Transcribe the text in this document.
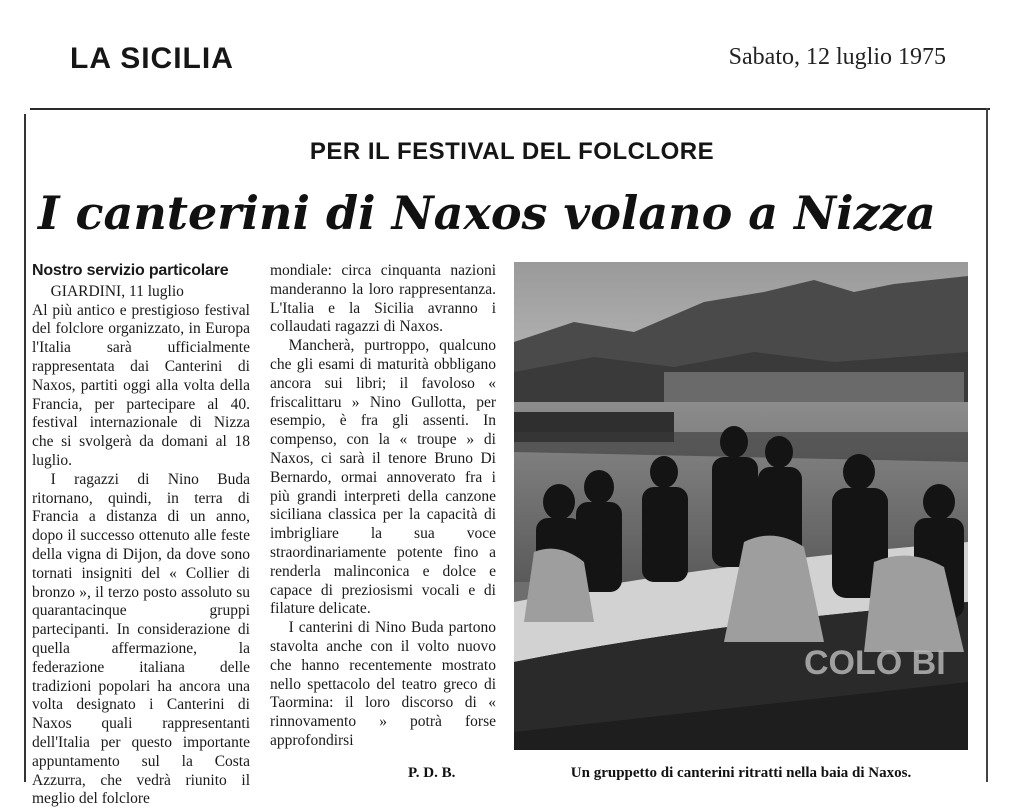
LA SICILIA	Sabato, 12 luglio 1975
PER IL FESTIVAL DEL FOLCLORE
I canterini di Naxos volano a Nizza
Nostro servizio particolare

GIARDINI, 11 luglio
Al più antico e prestigioso festival del folclore organizzato, in Europa l'Italia sarà ufficialmente rappresentata dai Canterini di Naxos, partiti oggi alla volta della Francia, per partecipare al 40. festival internazionale di Nizza che si svolgerà da domani al 18 luglio.

I ragazzi di Nino Buda ritornano, quindi, in terra di Francia a distanza di un anno, dopo il successo ottenuto alle feste della vigna di Dijon, da dove sono tornati insigniti del « Collier di bronzo », il terzo posto assoluto su quarantacinque gruppi partecipanti. In considerazione di quella affermazione, la federazione italiana delle tradizioni popolari ha ancora una volta designato i Canterini di Naxos quali rappresentanti dell'Italia per questo importante appuntamento sul la Costa Azzurra, che vedrà riunito il meglio del folclore

mondiale: circa cinquanta nazioni manderanno la loro rappresentanza. L'Italia e la Sicilia avranno i collaudati ragazzi di Naxos.

Mancherà, purtroppo, qualcuno che gli esami di maturità obbligano ancora sui libri; il favoloso « friscalittaru » Nino Gullotta, per esempio, è fra gli assenti. In compenso, con la « troupe » di Naxos, ci sarà il tenore Bruno Di Bernardo, ormai annoverato fra i più grandi interpreti della canzone siciliana classica per la capacità di imbrigliare la sua voce straordinariamente potente fino a renderla malinconica e dolce e capace di preziosismi vocali e di filature delicate.

I canterini di Nino Buda partono stavolta anche con il volto nuovo che hanno recentemente mostrato nello spettacolo del teatro greco di Taormina: il loro discorso di « rinnovamento » potrà forse approfondirsi

P. D. B.
COLO BI
Un gruppetto di canterini ritratti nella baia di Naxos.
